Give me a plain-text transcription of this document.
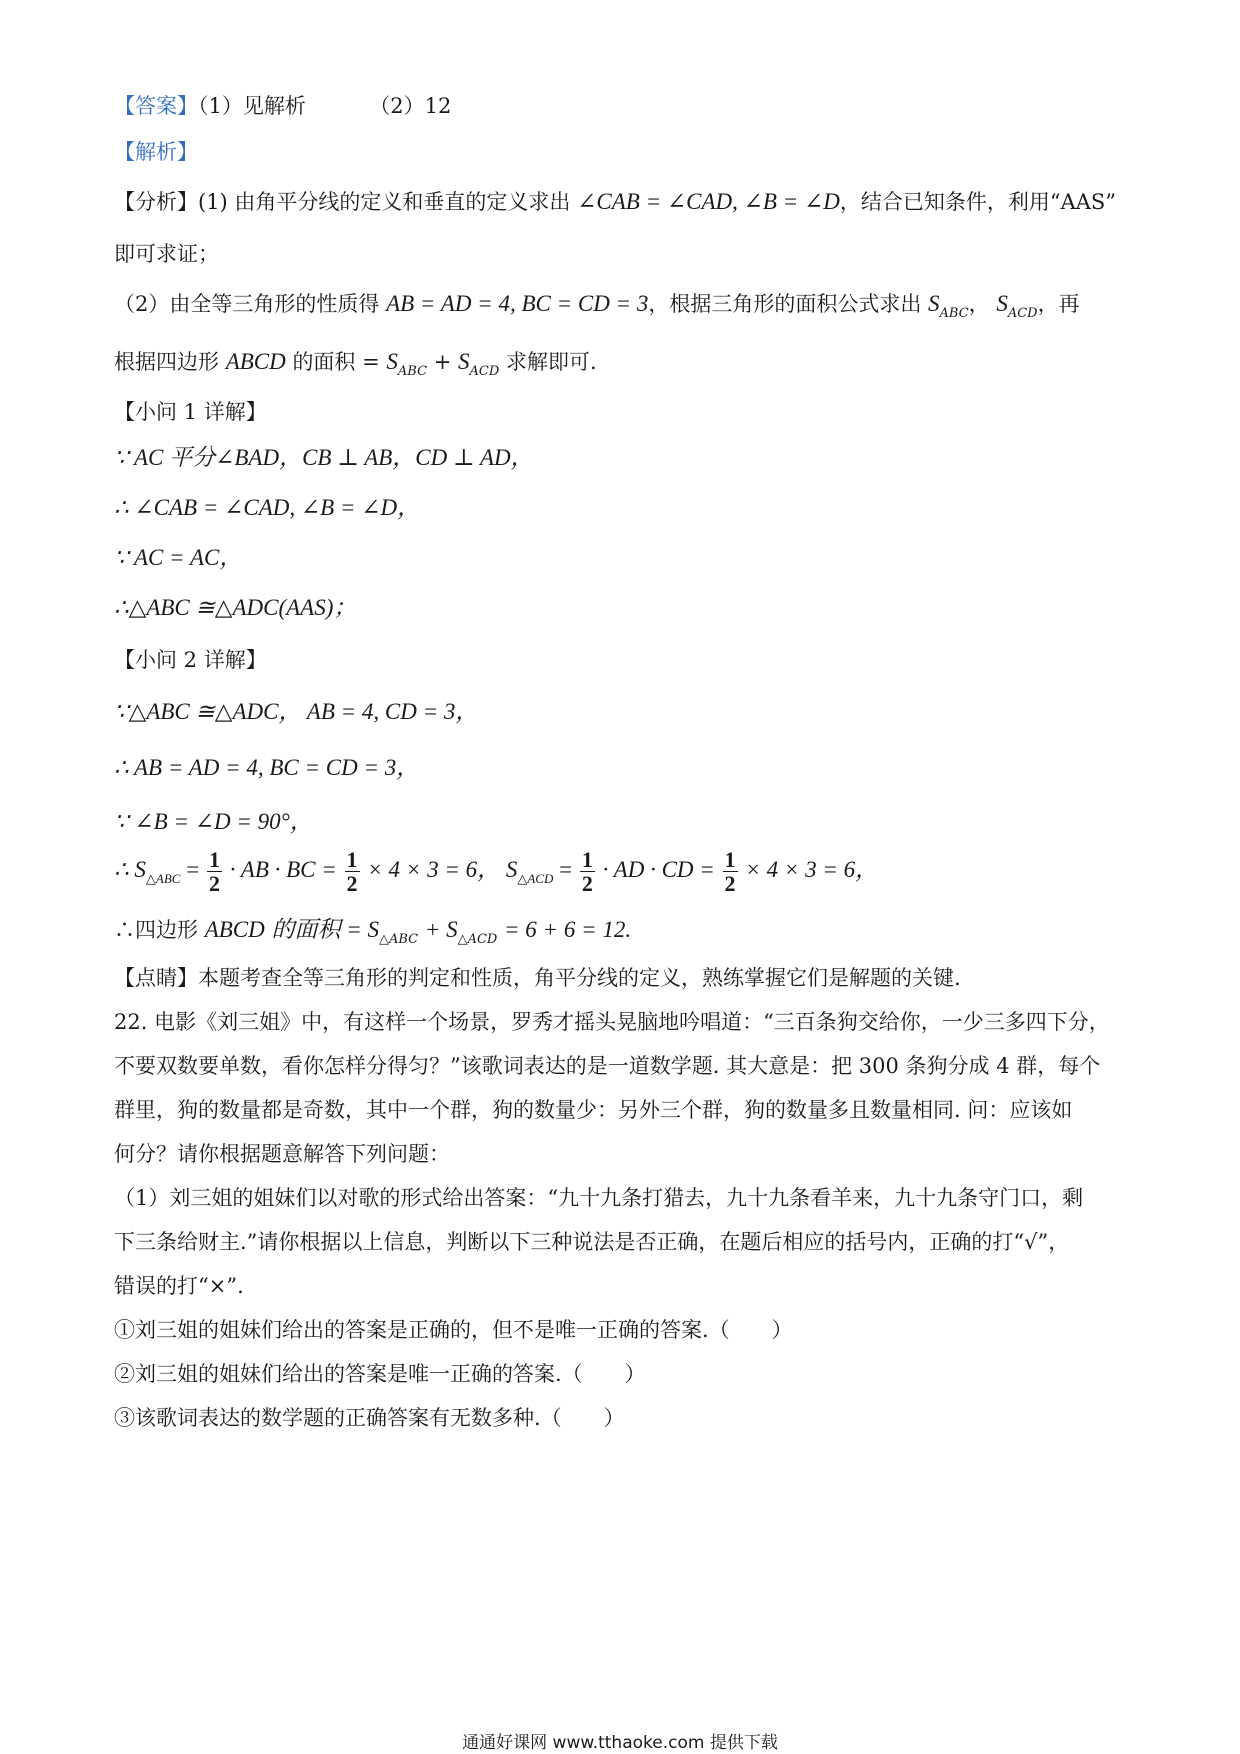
【答案】（1）见解析	（2）12
【解析】
【分析】(1) 由角平分线的定义和垂直的定义求出 ∠CAB = ∠CAD, ∠B = ∠D，结合已知条件，利用“AAS”
即可求证；
（2）由全等三角形的性质得 AB = AD = 4, BC = CD = 3，根据三角形的面积公式求出 $S_{ABC}$， $S_{ACD}$，再
根据四边形 ABCD 的面积 = $S_{ABC} + S_{ACD}$ 求解即可.
【小问 1 详解】
∵ AC 平分∠BAD，CB ⊥ AB，CD ⊥ AD，
∴ ∠CAB = ∠CAD, ∠B = ∠D，
∵ AC = AC，
∴△ABC ≅△ADC(AAS)；
【小问 2 详解】
∵△ABC ≅△ADC， AB = 4, CD = 3，
∴ AB = AD = 4, BC = CD = 3，
∵ ∠B = ∠D = 90°，
∴ $S_{\triangle ABC} = \frac{1}{2}$ · AB · BC = $\frac{1}{2} \times 4 \times 3 = 6$， $S_{\triangle ACD} = \frac{1}{2}$ · AD · CD = $\frac{1}{2} \times 4 \times 3 = 6$，
∴四边形 ABCD 的面积 = $S_{\triangle ABC} + S_{\triangle ACD} = 6 + 6 = 12$.
【点睛】本题考查全等三角形的判定和性质，角平分线的定义，熟练掌握它们是解题的关键.
22. 电影《刘三姐》中，有这样一个场景，罗秀才摇头晃脑地吟唱道：“三百条狗交给你，一少三多四下分，
不要双数要单数，看你怎样分得匀？”该歌词表达的是一道数学题. 其大意是：把 300 条狗分成 4 群，每个
群里，狗的数量都是奇数，其中一个群，狗的数量少：另外三个群，狗的数量多且数量相同. 问：应该如
何分？请你根据题意解答下列问题：
（1）刘三姐的姐妹们以对歌的形式给出答案：“九十九条打猎去，九十九条看羊来，九十九条守门口，剩
下三条给财主.”请你根据以上信息，判断以下三种说法是否正确，在题后相应的括号内，正确的打“√”，
错误的打“×”.
①刘三姐的姐妹们给出的答案是正确的，但不是唯一正确的答案.（　　）
②刘三姐的姐妹们给出的答案是唯一正确的答案.（　　）
③该歌词表达的数学题的正确答案有无数多种.（　　）
通通好课网 www.tthaoke.com 提供下载
